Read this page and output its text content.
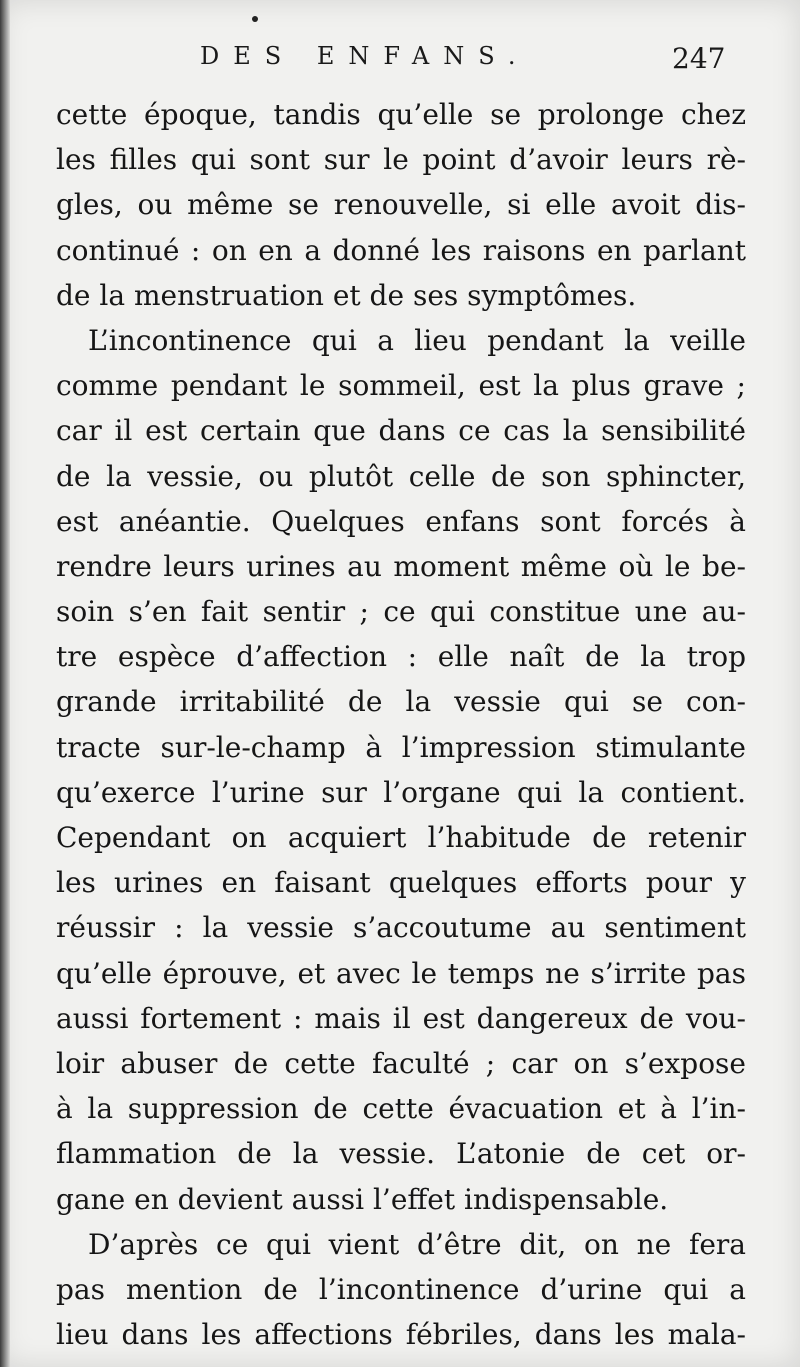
DES ENFANS.	247
cette époque, tandis qu’elle se prolonge chez
les filles qui sont sur le point d’avoir leurs rè-
gles, ou même se renouvelle, si elle avoit dis-
continué : on en a donné les raisons en parlant
de la menstruation et de ses symptômes.
L’incontinence qui a lieu pendant la veille
comme pendant le sommeil, est la plus grave ;
car il est certain que dans ce cas la sensibilité
de la vessie, ou plutôt celle de son sphincter,
est anéantie. Quelques enfans sont forcés à
rendre leurs urines au moment même où le be-
soin s’en fait sentir ; ce qui constitue une au-
tre espèce d’affection : elle naît de la trop
grande irritabilité de la vessie qui se con-
tracte sur-le-champ à l’impression stimulante
qu’exerce l’urine sur l’organe qui la contient.
Cependant on acquiert l’habitude de retenir
les urines en faisant quelques efforts pour y
réussir : la vessie s’accoutume au sentiment
qu’elle éprouve, et avec le temps ne s’irrite pas
aussi fortement : mais il est dangereux de vou-
loir abuser de cette faculté ; car on s’expose
à la suppression de cette évacuation et à l’in-
flammation de la vessie. L’atonie de cet or-
gane en devient aussi l’effet indispensable.
D’après ce qui vient d’être dit, on ne fera
pas mention de l’incontinence d’urine qui a
lieu dans les affections fébriles, dans les mala-
